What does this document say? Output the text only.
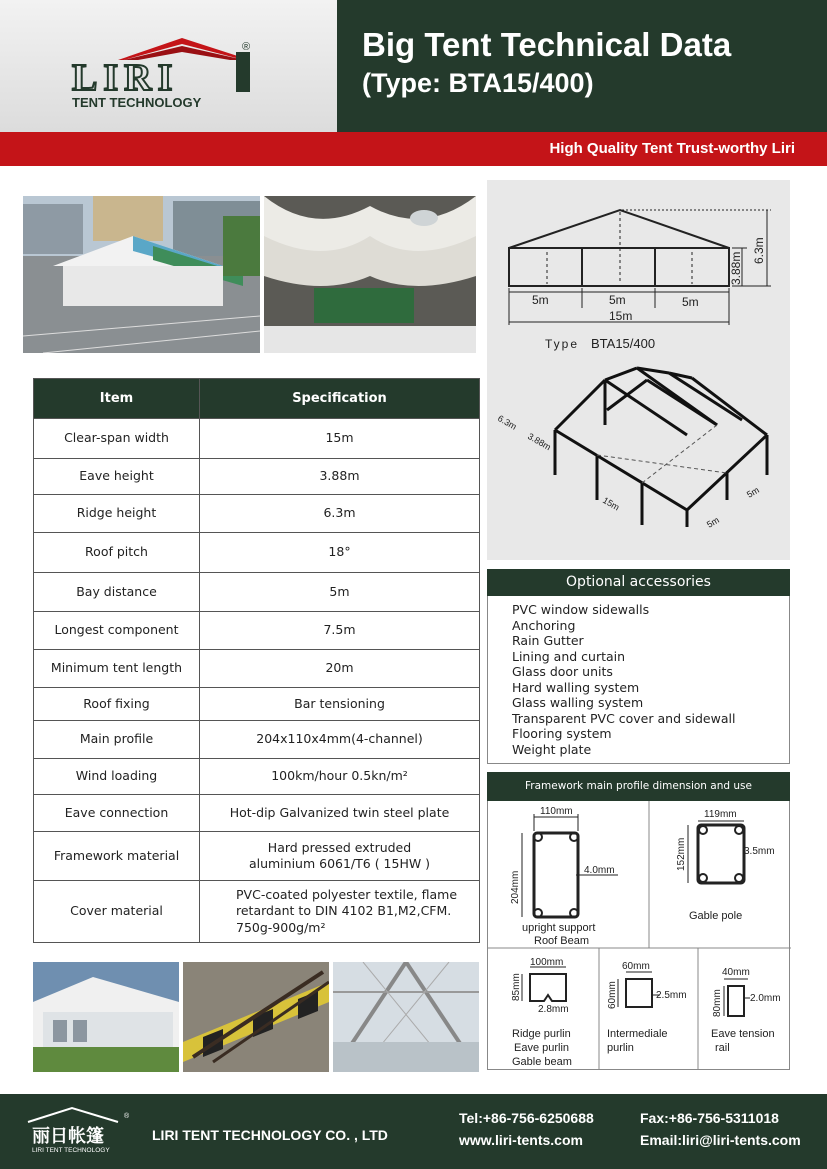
LIRI
®
TENT TECHNOLOGY
Big Tent Technical Data
(Type: BTA15/400)
High Quality Tent Trust-worthy Liri
Item	Specification
Clear-span width	15m
Eave height	3.88m
Ridge height	6.3m
Roof pitch	18°
Bay distance	5m
Longest component	7.5m
Minimum tent length	20m
Roof fixing	Bar tensioning
Main profile	204x110x4mm(4-channel)
Wind loading	100km/hour 0.5kn/m²
Eave connection	Hot-dip Galvanized twin steel plate
Framework material	Hard pressed extruded
aluminium 6061/T6 ( 15HW )
Cover material	PVC-coated polyester textile, flame
retardant to DIN 4102 B1,M2,CFM.
750g-900g/m²
5m	5m	5m
15m
3.88m
6.3m
Type BTA15/400
6.3m
3.88m
15m
5m
5m
Optional accessories
PVC window sidewalls
Anchoring
Rain Gutter
Lining and curtain
Glass door units
Hard walling system
Glass walling system
Transparent PVC cover and sidewall
Flooring system
Weight plate
Framework main profile dimension and use
110mm
204mm
4.0mm
upright support
Roof Beam
119mm
152mm	3.5mm
Gable pole
100mm
85mm
2.8mm
Ridge purlin
Eave purlin
Gable beam
60mm
60mm	2.5mm
Intermediale
purlin
40mm
80mm	2.0mm
Eave tension
rail
丽日帐篷
LIRI TENT TECHNOLOGY
®
LIRI TENT TECHNOLOGY CO. , LTD
Tel:+86-756-6250688	Fax:+86-756-5311018
www.liri-tents.com	Email:liri@liri-tents.com
